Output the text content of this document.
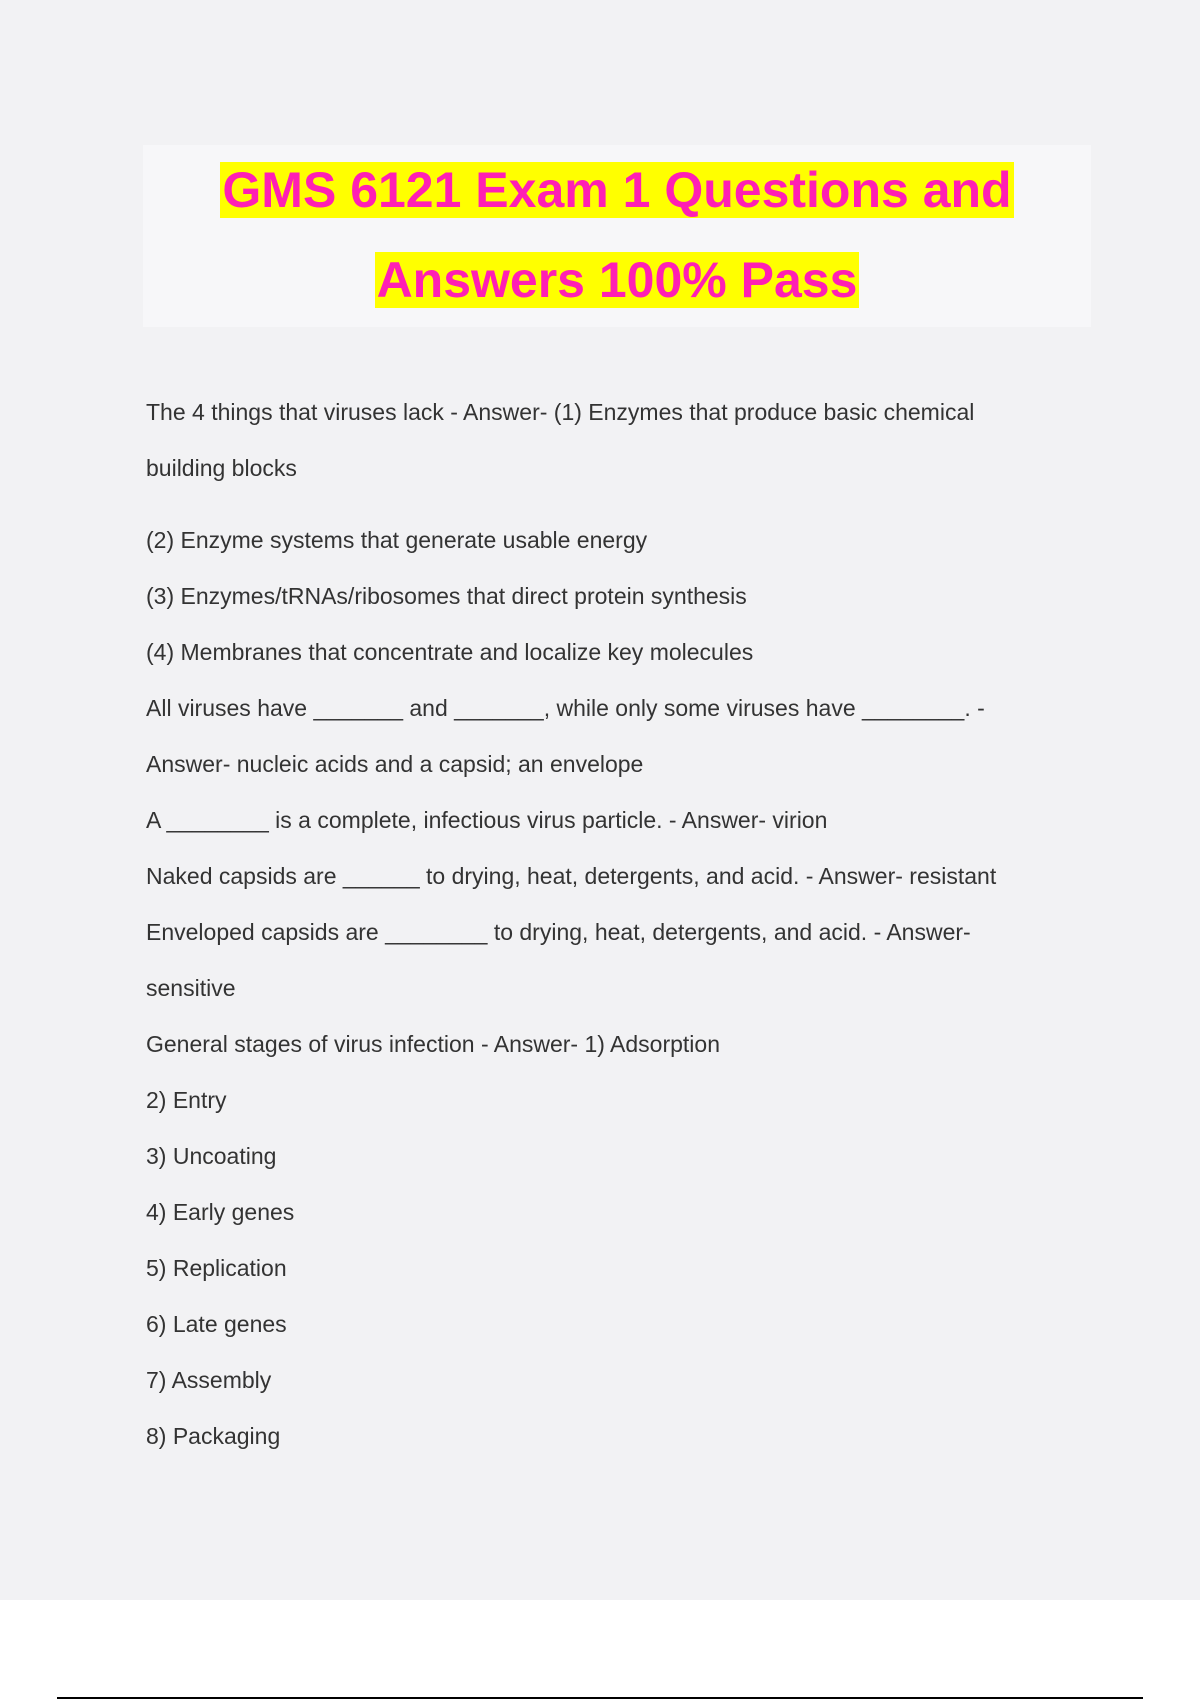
GMS 6121 Exam 1 Questions and
Answers 100% Pass

The 4 things that viruses lack - Answer- (1) Enzymes that produce basic chemical

building blocks

(2) Enzyme systems that generate usable energy

(3) Enzymes/tRNAs/ribosomes that direct protein synthesis

(4) Membranes that concentrate and localize key molecules

All viruses have _______ and _______, while only some viruses have ________. -

Answer- nucleic acids and a capsid; an envelope

A ________ is a complete, infectious virus particle. - Answer- virion

Naked capsids are ______ to drying, heat, detergents, and acid. - Answer- resistant

Enveloped capsids are ________ to drying, heat, detergents, and acid. - Answer-

sensitive

General stages of virus infection - Answer- 1) Adsorption

2) Entry

3) Uncoating

4) Early genes

5) Replication

6) Late genes

7) Assembly

8) Packaging
